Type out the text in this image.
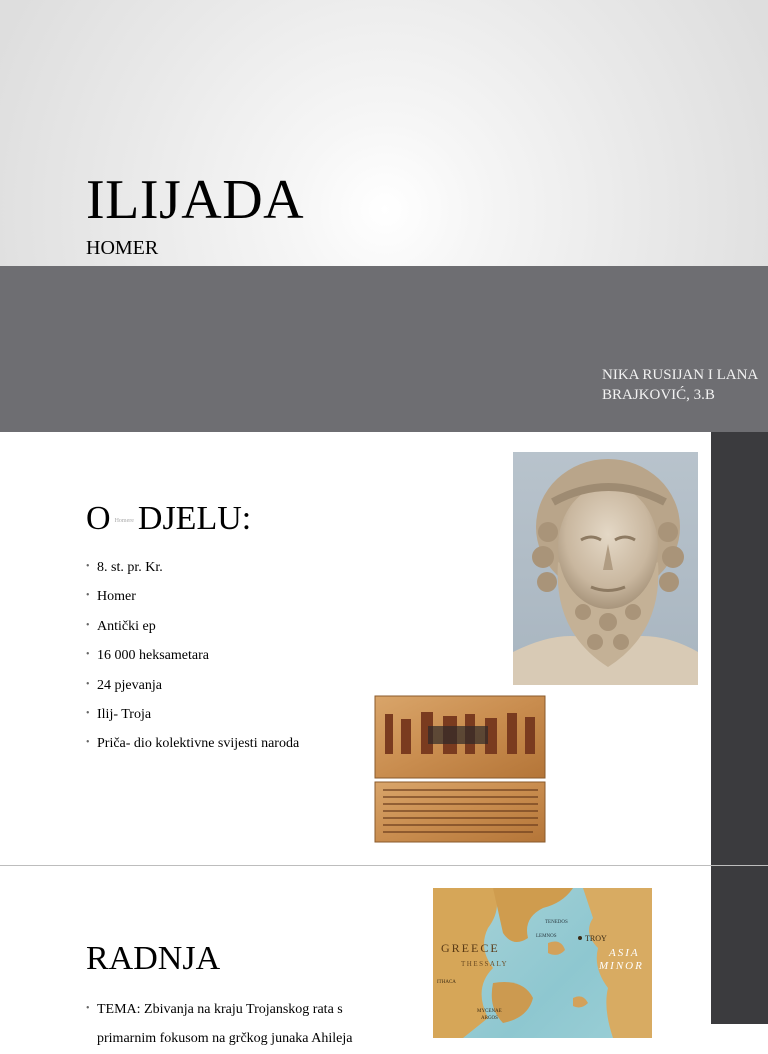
ILIJADA
HOMER
NIKA RUSIJAN I LANA BRAJKOVIĆ, 3.B
O Homere DJELU:
• 8. st. pr. Kr.
• Homer
• Antički ep
• 16 000 heksametara
• 24 pjevanja
• Ilij- Troja
• Priča- dio kolektivne svijesti naroda
RADNJA
• TEMA: Zbivanja na kraju Trojanskog rata s primarnim fokusom na grčkog junaka Ahileja
GREECE
THESSALY
ASIA
MINOR
TROY
TENEDOS
LEMNOS
ITHACA
MYCENAE
ARGOS
